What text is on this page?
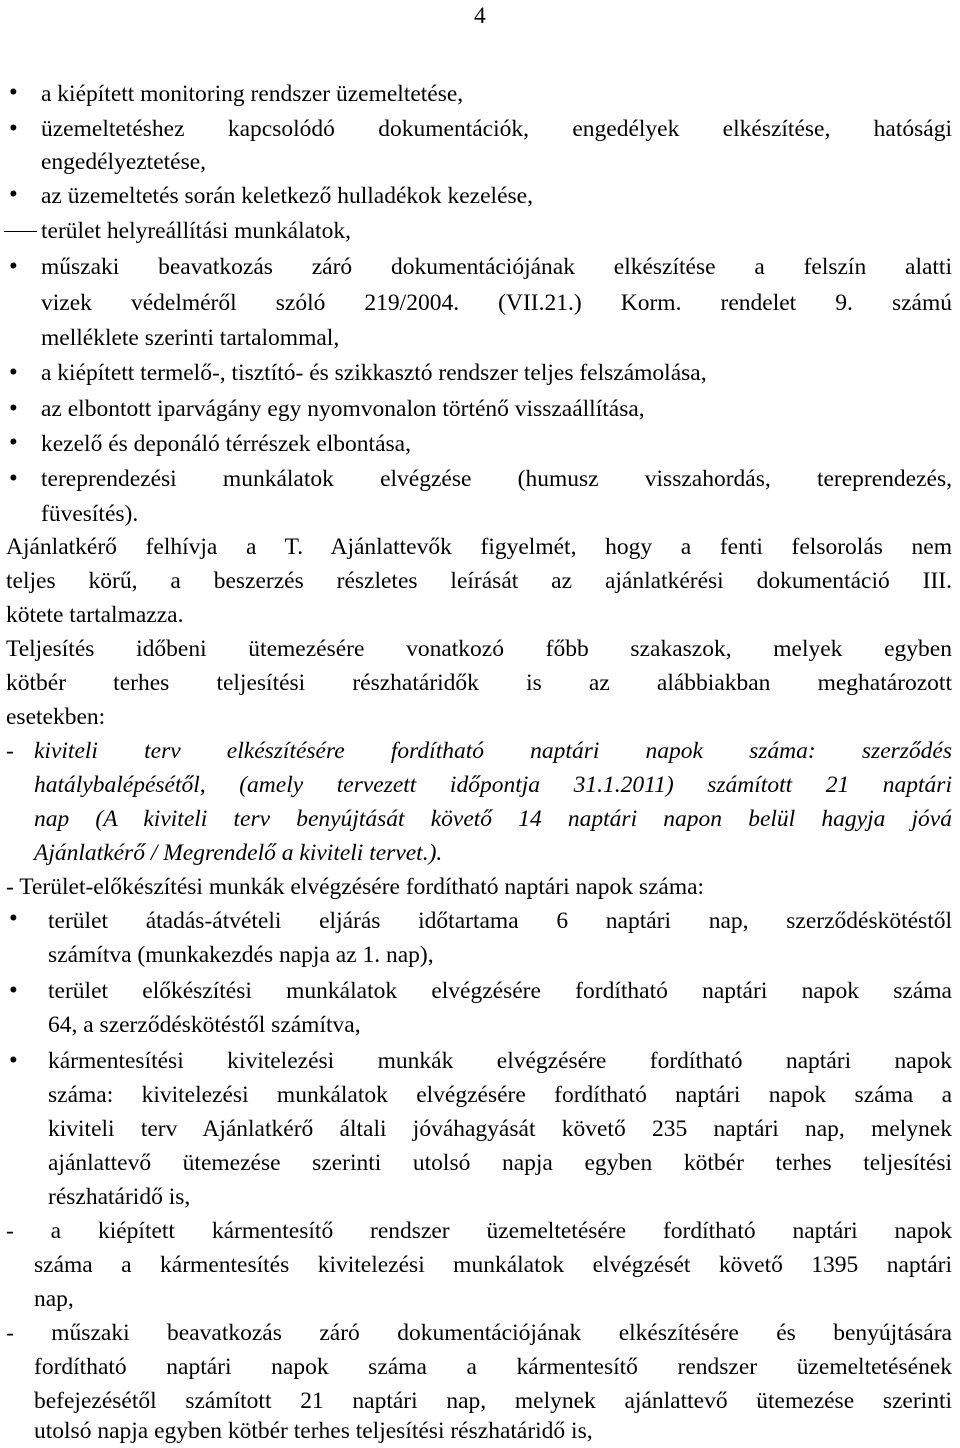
4
•
•
•
•
•
•
•
•
•
•
•
a kiépített monitoring rendszer üzemeltetése,
üzemeltetéshez kapcsolódó dokumentációk, engedélyek elkészítése, hatósági
engedélyeztetése,
az üzemeltetés során keletkező hulladékok kezelése,
terület helyreállítási munkálatok,
műszaki beavatkozás záró dokumentációjának elkészítése a felszín alatti
vizek védelméről szóló 219/2004. (VII.21.) Korm. rendelet 9. számú
melléklete szerinti tartalommal,
a kiépített termelő-, tisztító- és szikkasztó rendszer teljes felszámolása,
az elbontott iparvágány egy nyomvonalon történő visszaállítása,
kezelő és deponáló térrészek elbontása,
tereprendezési munkálatok elvégzése (humusz visszahordás, tereprendezés,
füvesítés).
Ajánlatkérő felhívja a T. Ajánlattevők figyelmét, hogy a fenti felsorolás nem
teljes körű, a beszerzés részletes leírását az ajánlatkérési dokumentáció III.
kötete tartalmazza.
Teljesítés időbeni ütemezésére vonatkozó főbb szakaszok, melyek egyben
kötbér terhes teljesítési részhatáridők is az alábbiakban meghatározott
esetekben:
- kiviteli terv elkészítésére fordítható naptári napok száma: szerződés
hatálybalépésétől, (amely tervezett időpontja 31.1.2011) számított 21 naptári
nap (A kiviteli terv benyújtását követő 14 naptári napon belül hagyja jóvá
Ajánlatkérő / Megrendelő a kiviteli tervet.).
- Terület-előkészítési munkák elvégzésére fordítható naptári napok száma:
terület átadás-átvételi eljárás időtartama 6 naptári nap, szerződéskötéstől
számítva (munkakezdés napja az 1. nap),
terület előkészítési munkálatok elvégzésére fordítható naptári napok száma
64, a szerződéskötéstől számítva,
kármentesítési kivitelezési munkák elvégzésére fordítható naptári napok
száma: kivitelezési munkálatok elvégzésére fordítható naptári napok száma a
kiviteli terv Ajánlatkérő általi jóváhagyását követő 235 naptári nap, melynek
ajánlattevő ütemezése szerinti utolsó napja egyben kötbér terhes teljesítési
részhatáridő is,
- a kiépített kármentesítő rendszer üzemeltetésére fordítható naptári napok
száma a kármentesítés kivitelezési munkálatok elvégzését követő 1395 naptári
nap,
- műszaki beavatkozás záró dokumentációjának elkészítésére és benyújtására
fordítható naptári napok száma a kármentesítő rendszer üzemeltetésének
befejezésétől számított 21 naptári nap, melynek ajánlattevő ütemezése szerinti
utolsó napja egyben kötbér terhes teljesítési részhatáridő is,
